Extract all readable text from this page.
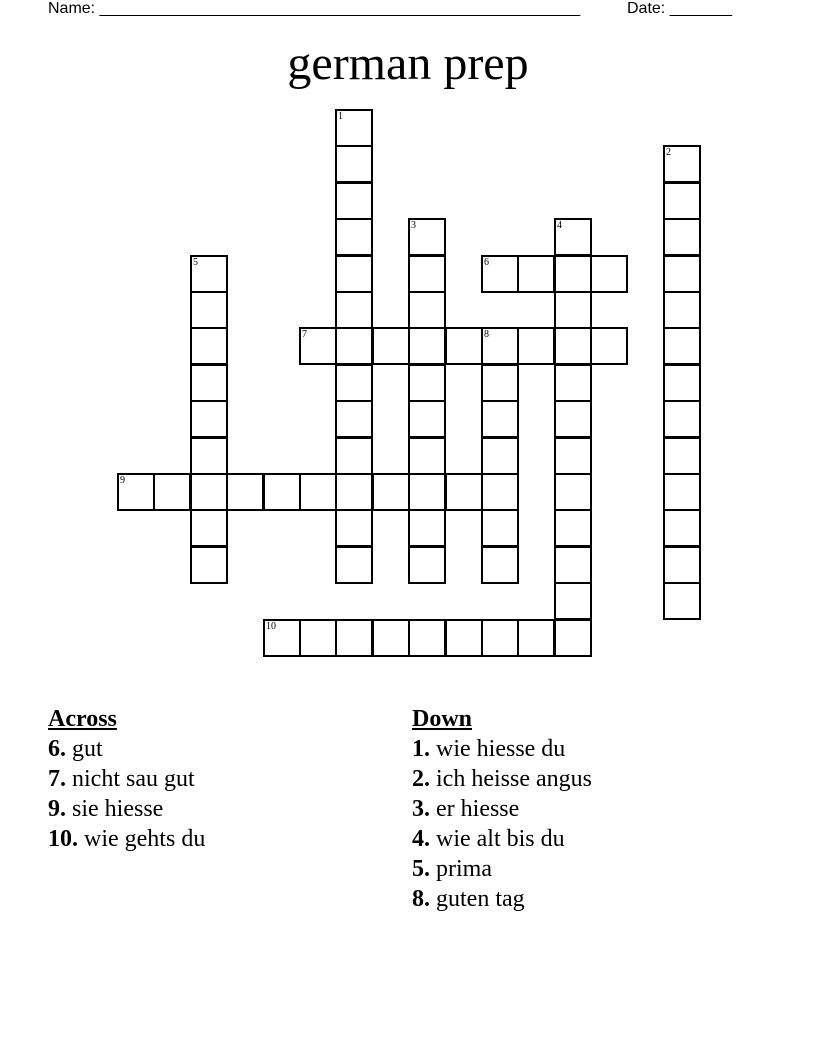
Name: ______________________________________________________	Date: _______
german prep
1
2
3	4
5	6
7	8
9
10
Across
6. gut
7. nicht sau gut
9. sie hiesse
10. wie gehts du
Down
1. wie hiesse du
2. ich heisse angus
3. er hiesse
4. wie alt bis du
5. prima
8. guten tag
